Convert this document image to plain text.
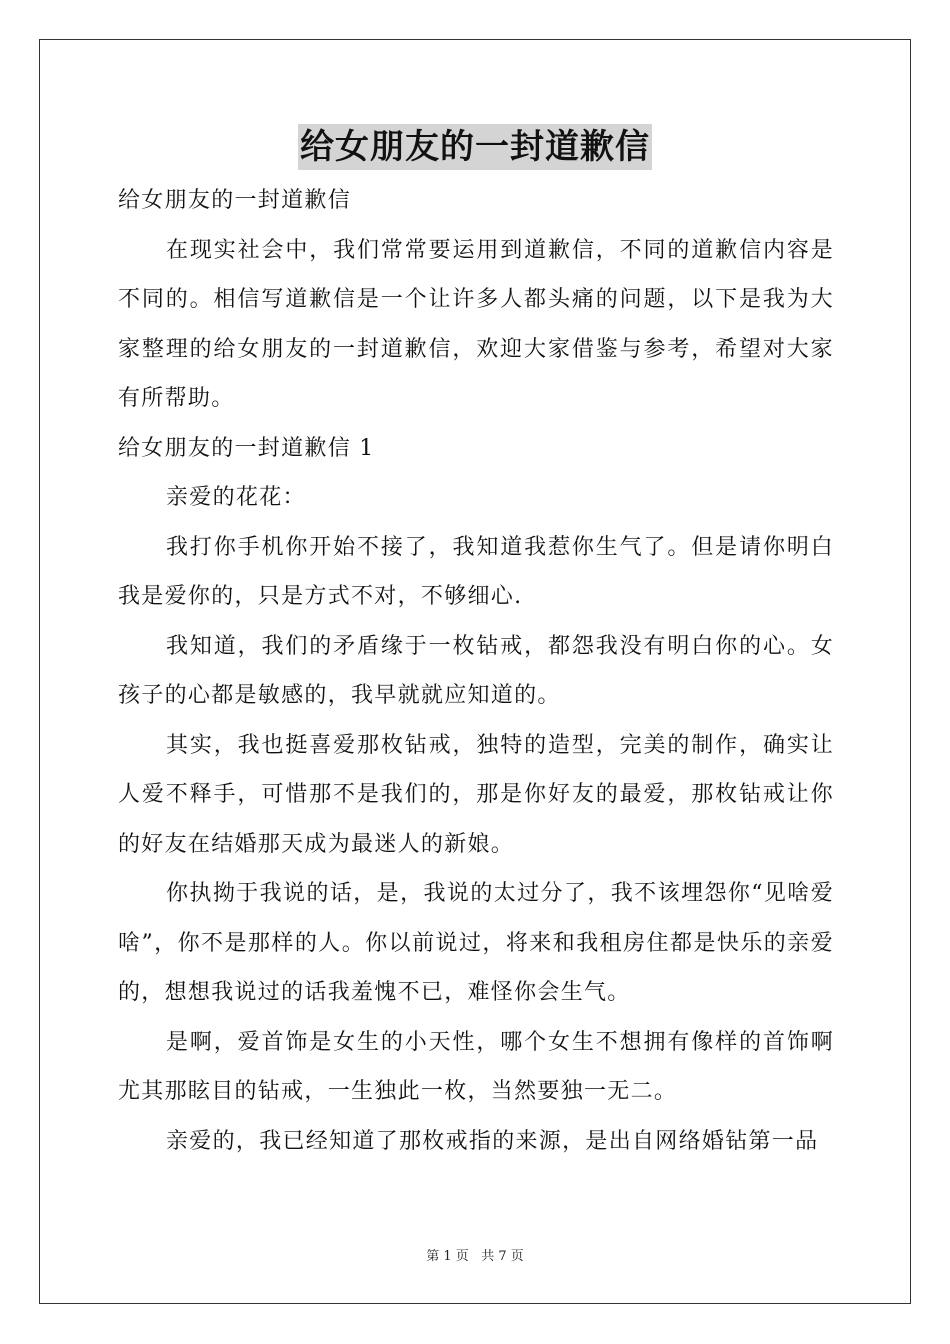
给女朋友的一封道歉信

给女朋友的一封道歉信

在现实社会中，我们常常要运用到道歉信，不同的道歉信内容是不同的。相信写道歉信是一个让许多人都头痛的问题，以下是我为大家整理的给女朋友的一封道歉信，欢迎大家借鉴与参考，希望对大家有所帮助。

给女朋友的一封道歉信 1

亲爱的花花：

我打你手机你开始不接了，我知道我惹你生气了。但是请你明白我是爱你的，只是方式不对，不够细心.

我知道，我们的矛盾缘于一枚钻戒，都怨我没有明白你的心。女孩子的心都是敏感的，我早就就应知道的。

其实，我也挺喜爱那枚钻戒，独特的造型，完美的制作，确实让人爱不释手，可惜那不是我们的，那是你好友的最爱，那枚钻戒让你的好友在结婚那天成为最迷人的新娘。

你执拗于我说的话，是，我说的太过分了，我不该埋怨你“见啥爱啥”，你不是那样的人。你以前说过，将来和我租房住都是快乐的亲爱的，想想我说过的话我羞愧不已，难怪你会生气。

是啊，爱首饰是女生的小天性，哪个女生不想拥有像样的首饰啊尤其那眩目的钻戒，一生独此一枚，当然要独一无二。

亲爱的，我已经知道了那枚戒指的来源，是出自网络婚钻第一品

第 1 页 共 7 页
